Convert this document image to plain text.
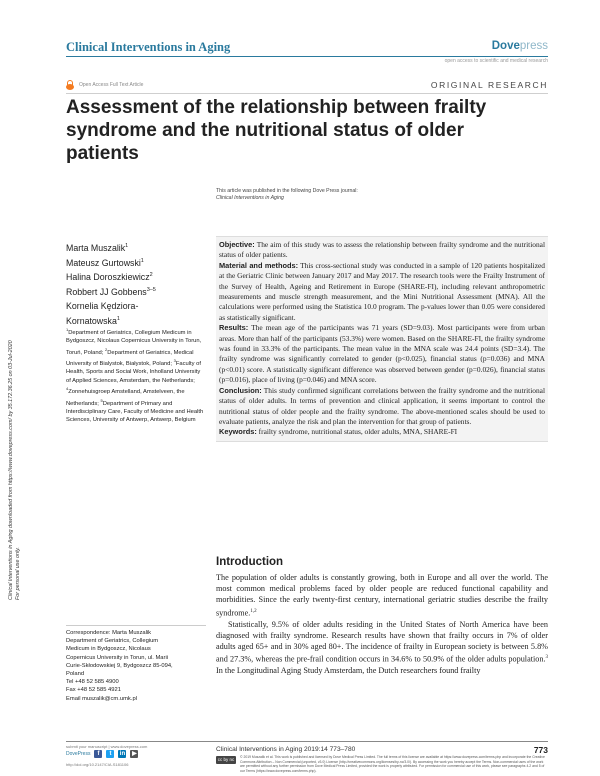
Clinical Interventions in Aging	Dovepress
open access to scientific and medical research
Open Access Full Text Article	ORIGINAL RESEARCH
Assessment of the relationship between frailty syndrome and the nutritional status of older patients
Clinical Interventions in Aging downloaded from https://www.dovepress.com/ by 35.172.36.25 on 03-Jul-2020 For personal use only.
This article was published in the following Dove Press journal:
Clinical Interventions in Aging
Marta Muszalik$^1$
Mateusz Gurtowski$^1$
Halina Doroszkiewicz$^2$
Robbert JJ Gobbens$^{3-5}$
Kornelia Kędziora-
Kornatowska$^1$
$^1$Department of Geriatrics, Collegium Medicum in Bydgoszcz, Nicolaus Copernicus University in Torun, Toruń, Poland; $^2$Department of Geriatrics, Medical University of Bialystok, Białystok, Poland; $^3$Faculty of Health, Sports and Social Work, Inholland University of Applied Sciences, Amsterdam, the Netherlands; $^4$Zonnehuisgroep Amstelland, Amstelveen, the Netherlands; $^5$Department of Primary and Interdisciplinary Care, Faculty of Medicine and Health Sciences, University of Antwerp, Antwerp, Belgium

Objective: The aim of this study was to assess the relationship between frailty syndrome and the nutritional status of older patients.

Material and methods: This cross-sectional study was conducted in a sample of 120 patients hospitalized at the Geriatric Clinic between January 2017 and May 2017. The research tools were the Frailty Instrument of the Survey of Health, Ageing and Retirement in Europe (SHARE-FI), including relevant anthropometric measurements and muscle strength measurement, and the Mini Nutritional Assessment (MNA). All the calculations were performed using the Statistica 10.0 program. The p-values lower than 0.05 were considered as statistically significant.

Results: The mean age of the participants was 71 years (SD=9.03). Most participants were from urban areas. More than half of the participants (53.3%) were women. Based on the SHARE-FI, the frailty syndrome was found in 33.3% of the participants. The mean value in the MNA scale was 24.4 points (SD=3.4). The frailty syndrome was significantly correlated to gender (p<0.025), financial status (p=0.036) and MNA (p<0.01) score. A statistically significant difference was observed between gender (p=0.026), financial status (p=0.016), place of living (p=0.046) and MNA score.

Conclusion: This study confirmed significant correlations between the frailty syndrome and the nutritional status of older adults. In terms of prevention and clinical application, it seems important to control the nutritional status of older people and the frailty syndrome. The above-mentioned scales should be used to evaluate patients, analyze the risk and plan the intervention for that group of patients.

Keywords: frailty syndrome, nutritional status, older adults, MNA, SHARE-FI

Introduction

The population of older adults is constantly growing, both in Europe and all over the world. The most common medical problems faced by older people are reduced functional capability and morbidities. Since the early twenty-first century, international geriatric studies describe the frailty syndrome.$^{1,2}$

Statistically, 9.5% of older adults residing in the United States of North America have been diagnosed with frailty syndrome. Research results have shown that frailty occurs in 7% of older adults aged 65+ and in 30% aged 80+. The incidence of frailty in European society is between 5.8% and 27.3%, whereas the pre-frail condition occurs in 34.6% to 50.9% of the older adults population.$^3$ In the Longitudinal Aging Study Amsterdam, the Dutch researchers found frailty

Correspondence: Marta Muszalik
Department of Geriatrics, Collegium
Medicum in Bydgoszcz, Nicolaus
Copernicus University in Torun, ul. Marii
Curie-Skłodowskiej 9, Bydgoszcz 85-094,
Poland
Tel +48 52 585 4900
Fax +48 52 585 4921
Email muszalik@cm.umk.pl
submit your manuscript | www.dovepress.com
DovePress	f	t	in ▶
http://doi.org/10.2147/CIA.S181106
Clinical Interventions in Aging 2019:14 773–780	773
cc by nc	© 2019 Muszalik et al. This work is published and licensed by Dove Medical Press Limited. The full terms of this license are available at https://www.dovepress.com/terms.php and incorporate the Creative Commons Attribution – Non Commercial (unported, v3.0) License (http://creativecommons.org/licenses/by-nc/3.0/). By accessing the work you hereby accept the Terms. Non-commercial uses of the work are permitted without any further permission from Dove Medical Press Limited, provided the work is properly attributed. For permission for commercial use of this work, please see paragraphs 4.2 and 5 of our Terms (https://www.dovepress.com/terms.php).
